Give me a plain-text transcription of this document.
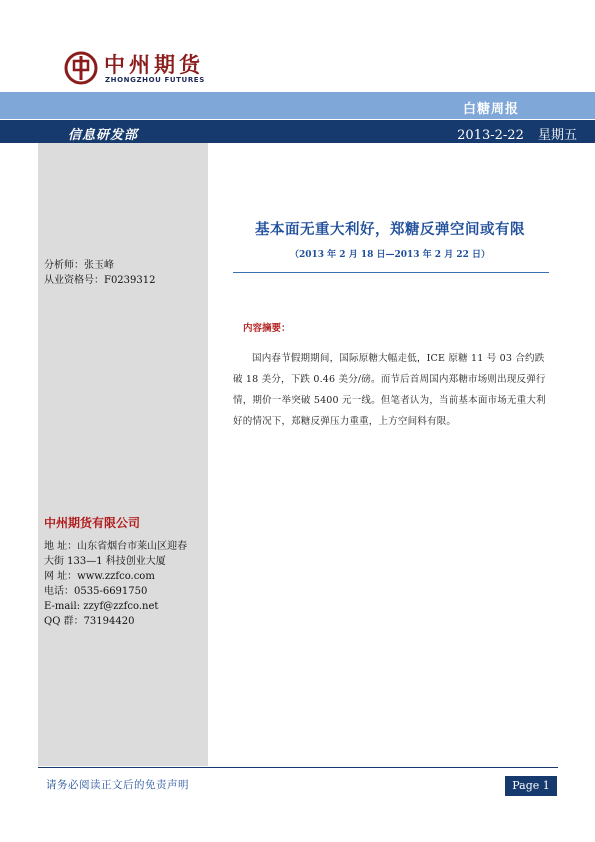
中州期货
ZHONGZHOU FUTURES
白糖周报
信息研发部	2013-2-22 星期五
分析师：张玉峰
从业资格号：F0239312
中州期货有限公司
地 址：山东省烟台市莱山区迎春
大街 133—1 科技创业大厦
网 址：www.zzfco.com
电话：0535-6691750
E-mail: zzyf@zzfco.net
QQ 群：73194420
基本面无重大利好，郑糖反弹空间或有限
（2013 年 2 月 18 日—2013 年 2 月 22 日）
内容摘要：
国内春节假期期间，国际原糖大幅走低，ICE 原糖 11 号 03 合约跌破 18 美分，下跌 0.46 美分/磅。而节后首周国内郑糖市场则出现反弹行情，期价一举突破 5400 元一线。但笔者认为，当前基本面市场无重大利好的情况下，郑糖反弹压力重重，上方空间料有限。
请务必阅读正文后的免责声明	Page 1
